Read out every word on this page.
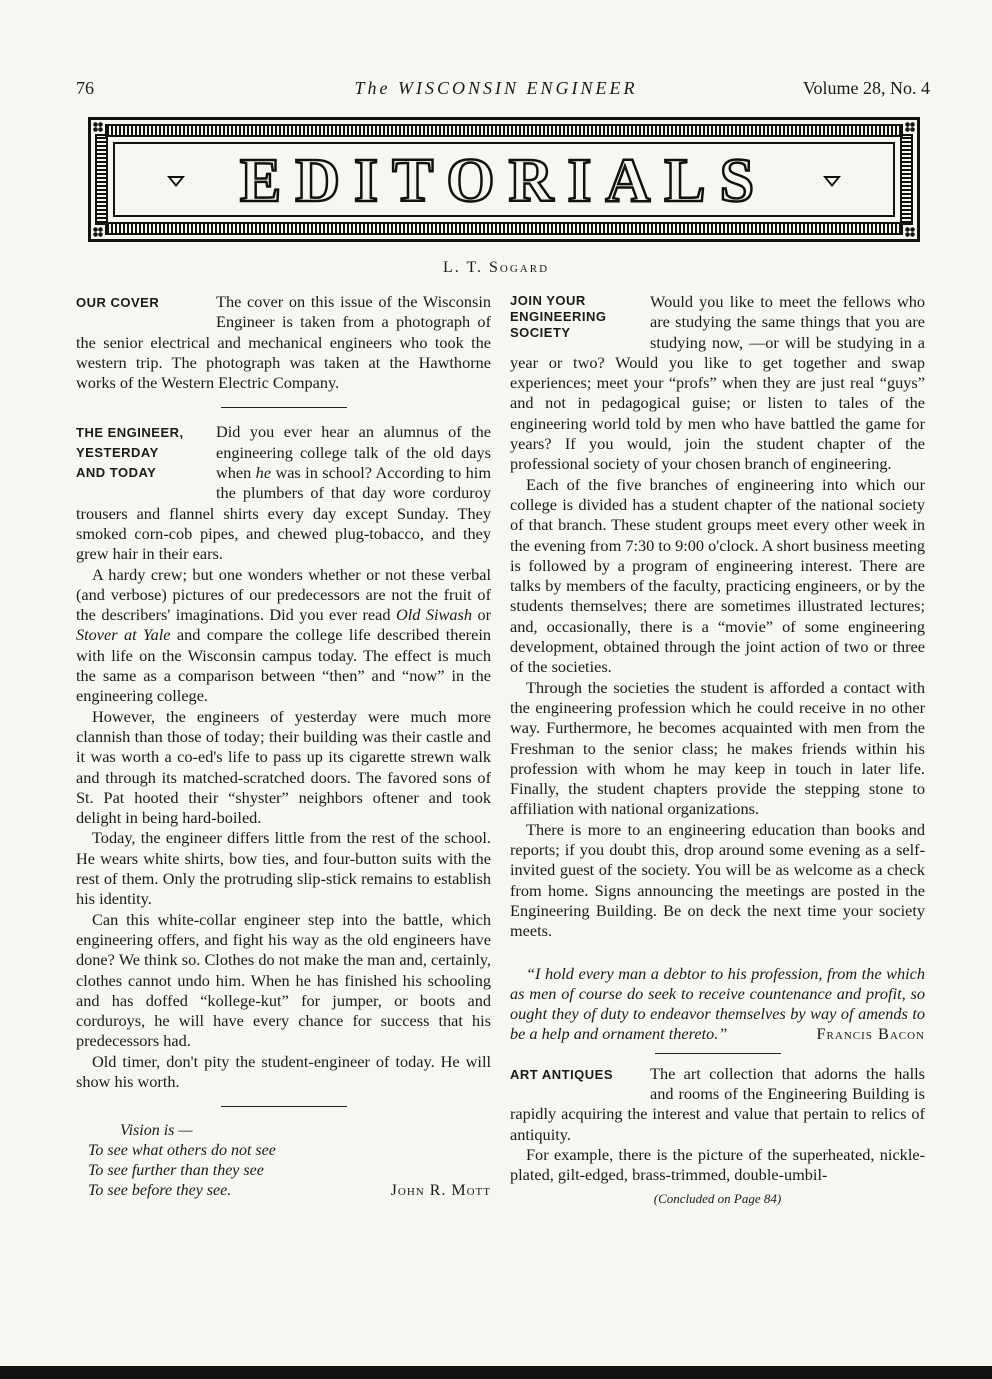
76	The WISCONSIN ENGINEER	Volume 28, No. 4
EDITORIALS
L. T. Sogard
OUR COVER	The cover on this issue of the Wisconsin Engineer is taken from a photograph of the senior electrical and mechanical engineers who took the western trip. The photograph was taken at the Hawthorne works of the Western Electric Company.

THE ENGINEER,
YESTERDAY
AND TODAY

Did you ever hear an alumnus of the engineering college talk of the old days when he was in school? According to him the plumbers of that day wore corduroy trousers and flannel shirts every day except Sunday. They smoked corn-cob pipes, and chewed plug-tobacco, and they grew hair in their ears.

A hardy crew; but one wonders whether or not these verbal (and verbose) pictures of our predecessors are not the fruit of the describers' imaginations. Did you ever read Old Siwash or Stover at Yale and compare the college life described therein with life on the Wisconsin campus today. The effect is much the same as a comparison between “then” and “now” in the engineering college.

However, the engineers of yesterday were much more clannish than those of today; their building was their castle and it was worth a co-ed's life to pass up its cigarette strewn walk and through its matched-scratched doors. The favored sons of St. Pat hooted their “shyster” neighbors oftener and took delight in being hard-boiled.

Today, the engineer differs little from the rest of the school. He wears white shirts, bow ties, and four-button suits with the rest of them. Only the protruding slip-stick remains to establish his identity.

Can this white-collar engineer step into the battle, which engineering offers, and fight his way as the old engineers have done? We think so. Clothes do not make the man and, certainly, clothes cannot undo him. When he has finished his schooling and has doffed “kollege-kut” for jumper, or boots and corduroys, he will have every chance for success that his predecessors had.

Old timer, don't pity the student-engineer of today. He will show his worth.

Vision is —
To see what others do not see
To see further than they see
John R. Mott
To see before they see.
JOIN YOUR
ENGINEERING
SOCIETY

Would you like to meet the fellows who are studying the same things that you are studying now, —or will be studying in a year or two? Would you like to get together and swap experiences; meet your “profs” when they are just real “guys” and not in pedagogical guise; or listen to tales of the engineering world told by men who have battled the game for years? If you would, join the student chapter of the professional society of your chosen branch of engineering.

Each of the five branches of engineering into which our college is divided has a student chapter of the national society of that branch. These student groups meet every other week in the evening from 7:30 to 9:00 o'clock. A short business meeting is followed by a program of engineering interest. There are talks by members of the faculty, practicing engineers, or by the students themselves; there are sometimes illustrated lectures; and, occasionally, there is a “movie” of some engineering development, obtained through the joint action of two or three of the societies.

Through the societies the student is afforded a contact with the engineering profession which he could receive in no other way. Furthermore, he becomes acquainted with men from the Freshman to the senior class; he makes friends within his profession with whom he may keep in touch in later life. Finally, the student chapters provide the stepping stone to affiliation with national organizations.

There is more to an engineering education than books and reports; if you doubt this, drop around some evening as a self-invited guest of the society. You will be as welcome as a check from home. Signs announcing the meetings are posted in the Engineering Building. Be on deck the next time your society meets.

“I hold every man a debtor to his profession, from the which as men of course do seek to receive countenance and profit, so ought they of duty to endeavor themselves by way of amends to be a help and ornament thereto.”	Francis Bacon

ART ANTIQUES	The art collection that adorns the halls and rooms of the Engineering Building is rapidly acquiring the interest and value that pertain to relics of antiquity.

For example, there is the picture of the superheated, nickle-plated, gilt-edged, brass-trimmed, double-umbil-

(Concluded on Page 84)
